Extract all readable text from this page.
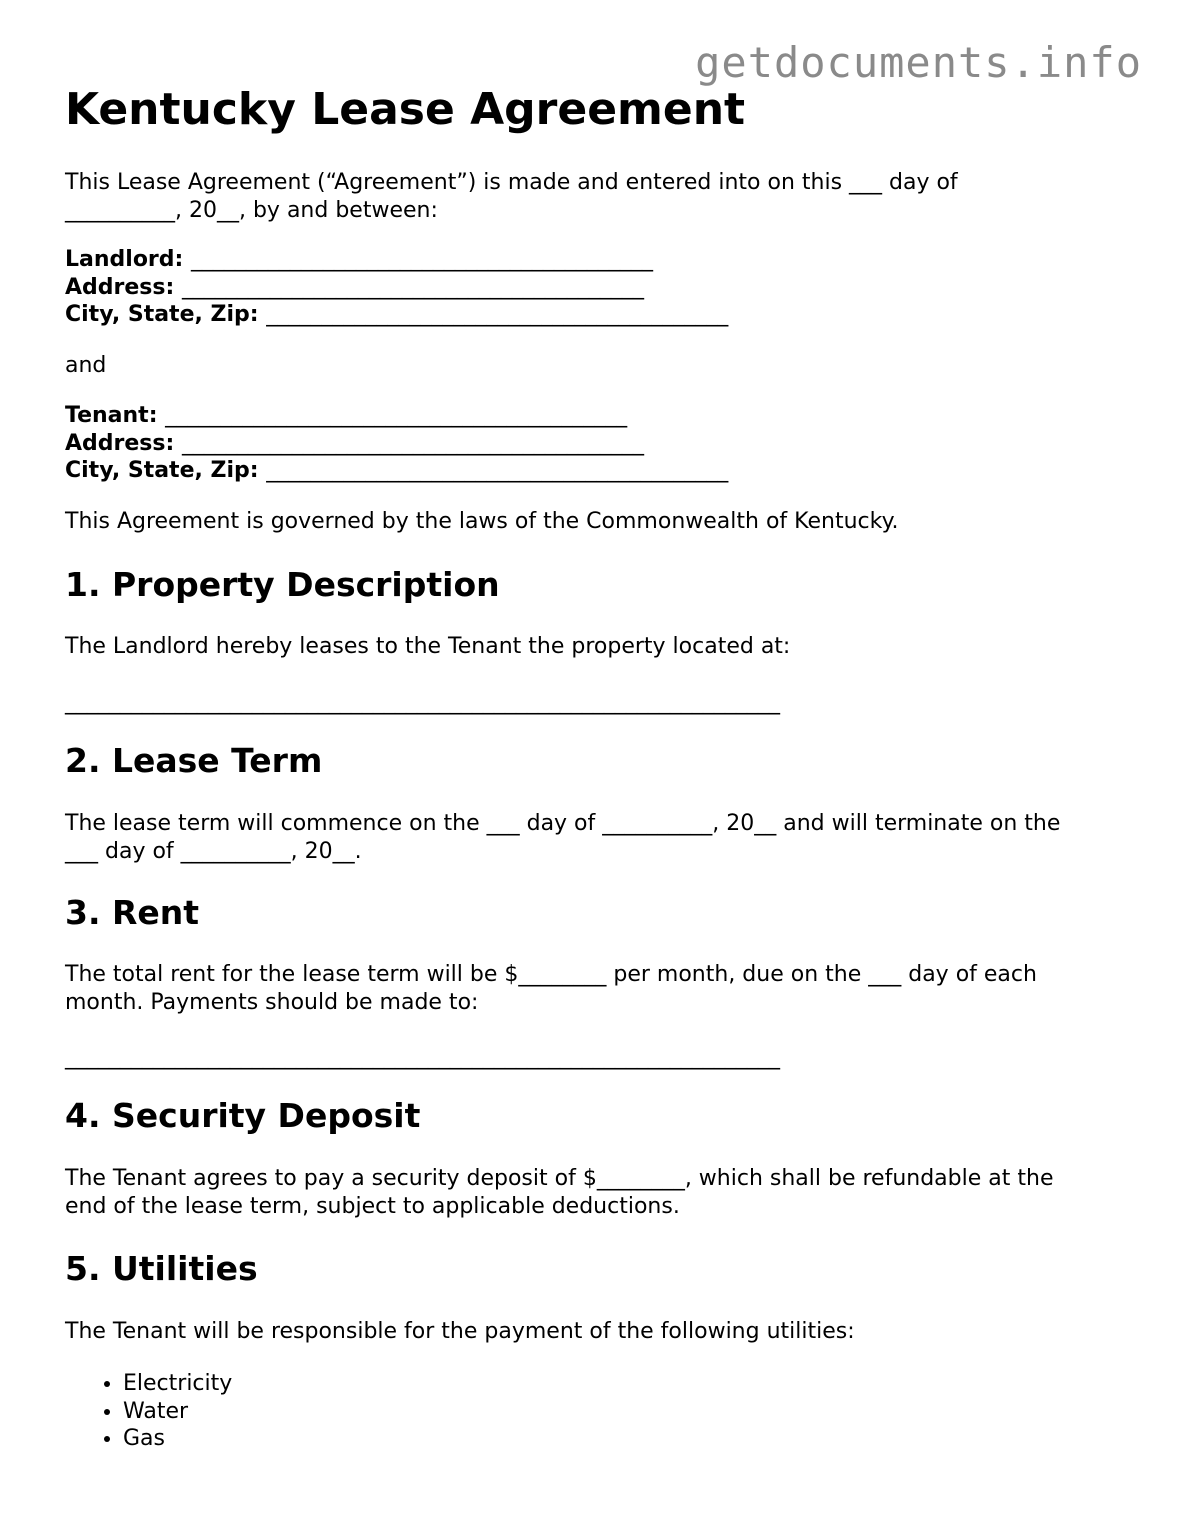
getdocuments.info

Kentucky Lease Agreement
This Lease Agreement (“Agreement”) is made and entered into on this ___ day of
__________, 20__, by and between:
Landlord: __________________________________________
Address: __________________________________________
City, State, Zip: __________________________________________
and
Tenant: __________________________________________
Address: __________________________________________
City, State, Zip: __________________________________________
This Agreement is governed by the laws of the Commonwealth of Kentucky.
1. Property Description
The Landlord hereby leases to the Tenant the property located at:
_________________________________________________________________
2. Lease Term
The lease term will commence on the ___ day of __________, 20__ and will terminate on the
___ day of __________, 20__.
3. Rent
The total rent for the lease term will be $________ per month, due on the ___ day of each
month. Payments should be made to:
_________________________________________________________________
4. Security Deposit
The Tenant agrees to pay a security deposit of $________, which shall be refundable at the
end of the lease term, subject to applicable deductions.
5. Utilities
The Tenant will be responsible for the payment of the following utilities:
• Electricity
• Water
• Gas
